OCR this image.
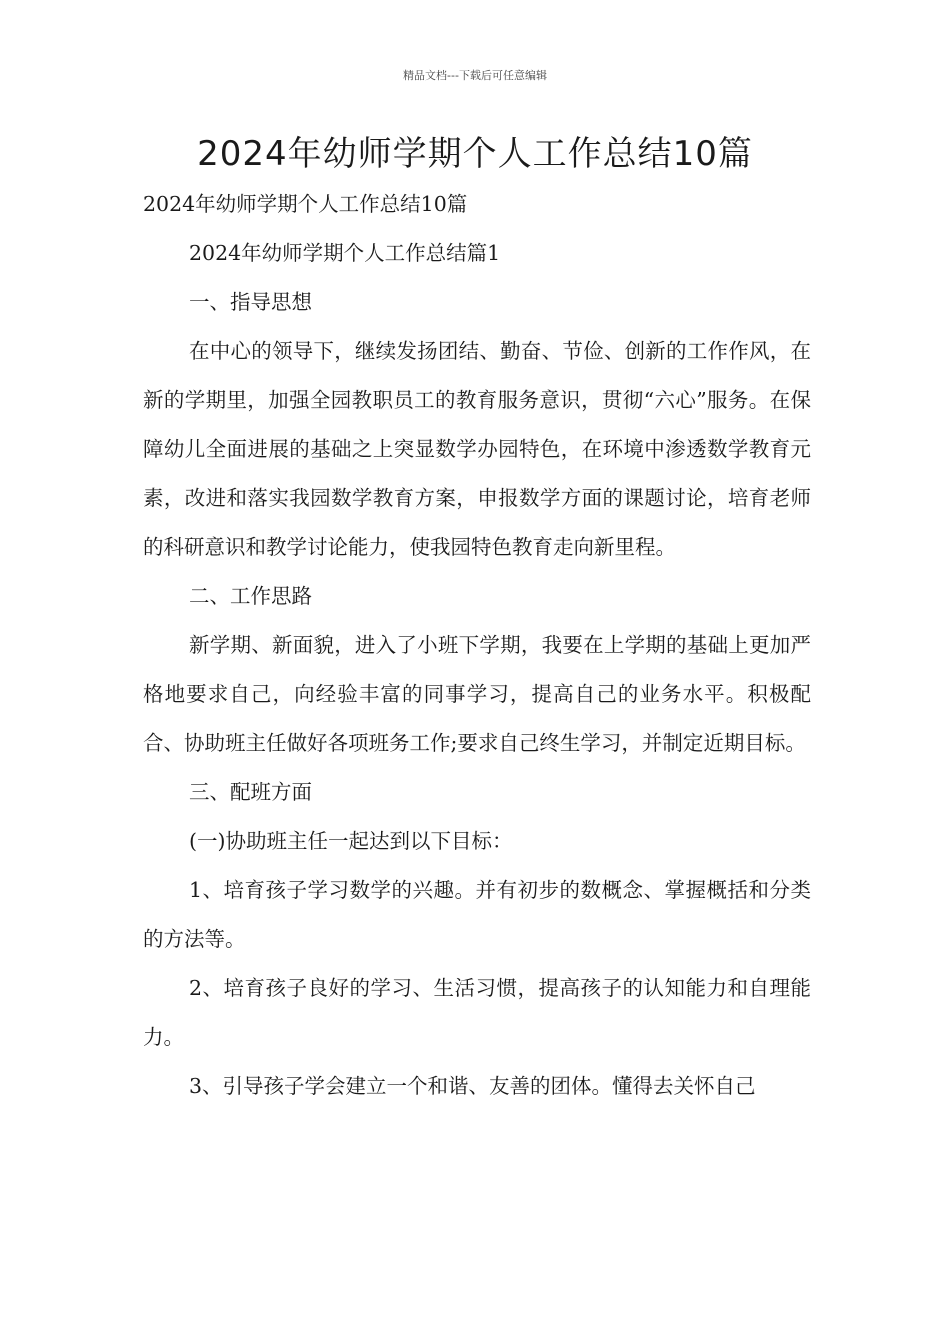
精品文档---下载后可任意编辑
2024年幼师学期个人工作总结10篇

2024年幼师学期个人工作总结10篇

2024年幼师学期个人工作总结篇1

一、指导思想

在中心的领导下，继续发扬团结、勤奋、节俭、创新的工作作风，在新的学期里，加强全园教职员工的教育服务意识，贯彻“六心”服务。在保障幼儿全面进展的基础之上突显数学办园特色，在环境中渗透数学教育元素，改进和落实我园数学教育方案，申报数学方面的课题讨论，培育老师的科研意识和教学讨论能力，使我园特色教育走向新里程。

二、工作思路

新学期、新面貌，进入了小班下学期，我要在上学期的基础上更加严格地要求自己，向经验丰富的同事学习，提高自己的业务水平。积极配合、协助班主任做好各项班务工作;要求自己终生学习，并制定近期目标。

三、配班方面

(一)协助班主任一起达到以下目标：

1、培育孩子学习数学的兴趣。并有初步的数概念、掌握概括和分类的方法等。

2、培育孩子良好的学习、生活习惯，提高孩子的认知能力和自理能力。

3、引导孩子学会建立一个和谐、友善的团体。懂得去关怀自己
